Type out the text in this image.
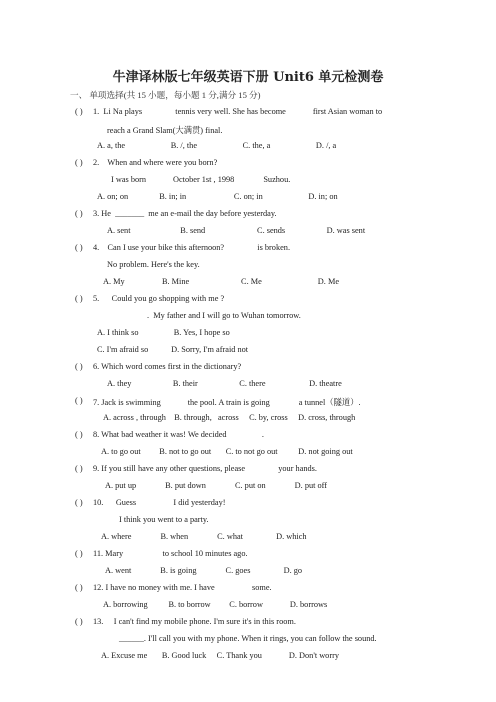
牛津译林版七年级英语下册 Unit6 单元检测卷
一、 单项选择(共 15 小题，每小题 1 分,满分 15 分)
( ) 1.  Li Na plays                tennis very well. She has become             first Asian woman to
reach a Grand Slam(大满贯) final.
A. a, the                      B. /, the                      C. the, a                      D. /, a
( ) 2.    When and where were you born?
I was born             October 1st , 1998              Suzhou.
A. on; on               B. in; in                       C. on; in                      D. in; on
( ) 3. He  _______  me an e-mail the day before yesterday.
A. sent                        B. send                         C. sends                    D. was sent
( ) 4.    Can I use your bike this afternoon?                is broken.
No problem. Here's the key.
A. My                  B. Mine                         C. Me                           D. Me
( ) 5.      Could you go shopping with me ?
.  My father and I will go to Wuhan tomorrow.
A. I think so                 B. Yes, I hope so
C. I'm afraid so           D. Sorry, I'm afraid not
( ) 6. Which word comes first in the dictionary?
A. they                    B. their                    C. there                     D. theatre
( ) 7. Jack is swimming             the pool. A train is going              a tunnel（隧道）.
A. across , through    B. through,   across     C. by, cross     D. cross, through
( ) 8. What bad weather it was! We decided                 .
A. to go out         B. not to go out       C. to not go out          D. not going out
( ) 9. If you still have any other questions, please                your hands.
A. put up              B. put down              C. put on              D. put off
( ) 10.      Guess                  I did yesterday!
I think you went to a party.
A. where              B. when              C. what                D. which
( ) 11. Mary                   to school 10 minutes ago.
A. went              B. is going              C. goes                D. go
( ) 12. I have no money with me. I have                  some.
A. borrowing          B. to borrow         C. borrow             D. borrows
( ) 13.     I can't find my mobile phone. I'm sure it's in this room.
______. I'll call you with my phone. When it rings, you can follow the sound.
A. Excuse me       B. Good luck     C. Thank you             D. Don't worry
